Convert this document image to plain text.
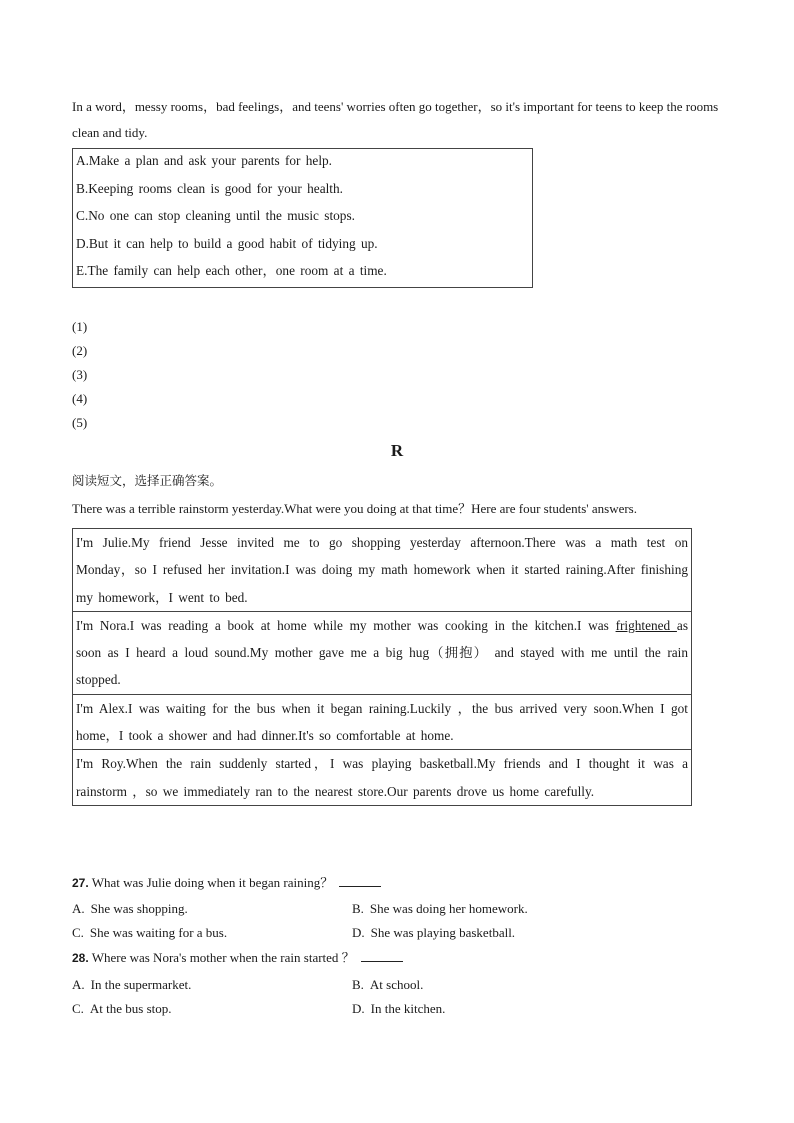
In a word，messy rooms，bad feelings，and teens' worries often go together，so it's important for teens to keep the rooms clean and tidy.

A.Make a plan and ask your parents for help.
B.Keeping rooms clean is good for your health.
C.No one can stop cleaning until the music stops.
D.But it can help to build a good habit of tidying up.
E.The family can help each other，one room at a time.
(1)
(2)
(3)
(4)
(5)
R
阅读短文，选择正确答案。
There was a terrible rainstorm yesterday.What were you doing at that time？Here are four students' answers.
I'm Julie.My friend Jesse invited me to go shopping yesterday afternoon.There was a math test on Monday，so I refused her invitation.I was doing my math homework when it started raining.After finishing my homework，I went to bed.
I'm Nora.I was reading a book at home while my mother was cooking in the kitchen.I was frightened as soon as I heard a loud sound.My mother gave me a big hug（拥抱） and stayed with me until the rain stopped.
I'm Alex.I was waiting for the bus when it began raining.Luckily ，the bus arrived very soon.When I got home，I took a shower and had dinner.It's so comfortable at home.
I'm Roy.When the rain suddenly started，I was playing basketball.My friends and I thought it was a rainstorm ，so we immediately ran to the nearest store.Our parents drove us home carefully.
27. What was Julie doing when it began raining？
A. She was shopping.	B. She was doing her homework.
C. She was waiting for a bus.	D. She was playing basketball.
28. Where was Nora's mother when the rain started ？
A. In the supermarket.	B. At school.
C. At the bus stop.	D. In the kitchen.
